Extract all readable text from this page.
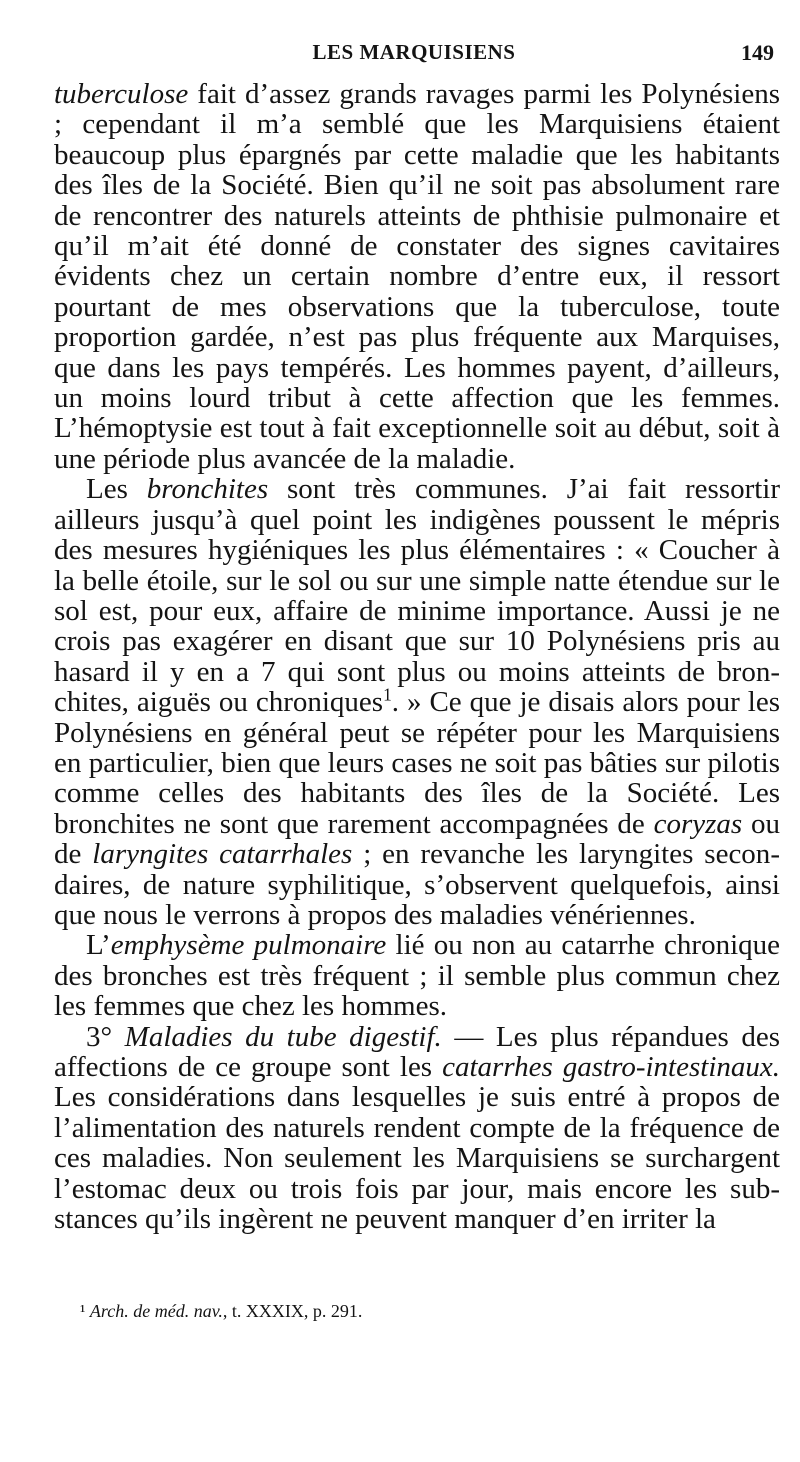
LES MARQUISIENS	149

tuberculose fait d’assez grands ravages parmi les Polynésiens ; cependant il m’a semblé que les Marquisiens étaient beaucoup plus épargnés par cette maladie que les habitants des îles de la Société. Bien qu’il ne soit pas absolument rare de rencontrer des naturels atteints de phthisie pulmonaire et qu’il m’ait été donné de constater des signes cavitaires évidents chez un certain nombre d’entre eux, il ressort pourtant de mes observations que la tuberculose, toute proportion gardée, n’est pas plus fréquente aux Marquises, que dans les pays tempérés. Les hommes payent, d’ailleurs, un moins lourd tribut à cette affection que les femmes. L’hémoptysie est tout à fait exceptionnelle soit au début, soit à une période plus avancée de la maladie.

Les bronchites sont très communes. J’ai fait ressortir ailleurs jusqu’à quel point les indigènes poussent le mépris des mesures hygiéniques les plus élémentaires : « Coucher à la belle étoile, sur le sol ou sur une simple natte étendue sur le sol est, pour eux, affaire de minime importance. Aussi je ne crois pas exagérer en disant que sur 10 Polynésiens pris au hasard il y en a 7 qui sont plus ou moins atteints de bronchites, aiguës ou chroniques$^1$. » Ce que je disais alors pour les Polynésiens en général peut se répéter pour les Marquisiens en particulier, bien que leurs cases ne soit pas bâties sur pilotis comme celles des habitants des îles de la Société. Les bronchites ne sont que rarement accompagnées de coryzas ou de laryngites catarrhales ; en revanche les laryngites secondaires, de nature syphilitique, s’observent quelquefois, ainsi que nous le verrons à propos des maladies vénériennes.

L’emphysème pulmonaire lié ou non au catarrhe chronique des bronches est très fréquent ; il semble plus commun chez les femmes que chez les hommes.

3° Maladies du tube digestif. — Les plus répandues des affections de ce groupe sont les catarrhes gastro-intestinaux. Les considérations dans lesquelles je suis entré à propos de l’alimentation des naturels rendent compte de la fréquence de ces maladies. Non seulement les Marquisiens se surchargent l’estomac deux ou trois fois par jour, mais encore les substances qu’ils ingèrent ne peuvent manquer d’en irriter la

¹ Arch. de méd. nav., t. XXXIX, p. 291.
